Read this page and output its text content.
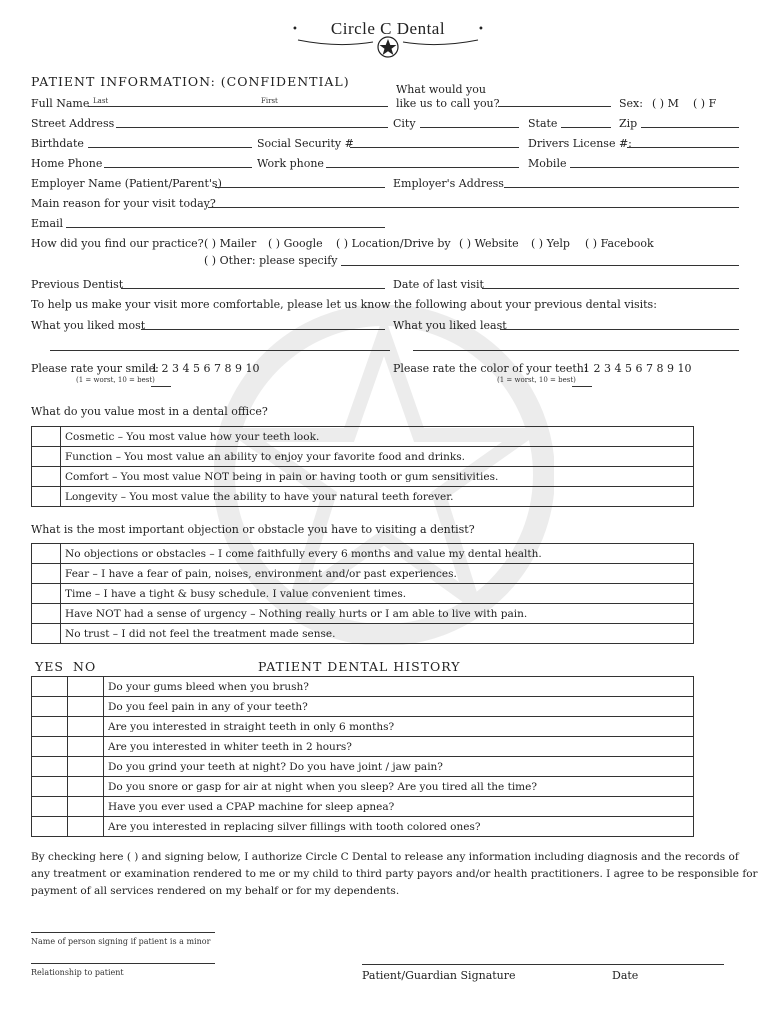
Circle C Dental
•	•
PATIENT INFORMATION: (CONFIDENTIAL)
What would you
Full Name Last	First	like us to call you?	Sex: ( ) M ( ) F
Street Address	City	State	Zip
Birthdate	Social Security #	Drivers License #:
Home Phone	Work phone	Mobile
Employer Name (Patient/Parent's)	Employer's Address
Main reason for your visit today?
Email
How did you find our practice? ( ) Mailer ( ) Google ( ) Location/Drive by ( ) Website ( ) Yelp ( ) Facebook
( ) Other: please specify
Previous Dentist	Date of last visit
To help us make your visit more comfortable, please let us know the following about your previous dental visits:
What you liked most	What you liked least
Please rate your smile:
1 2 3 4 5 6 7 8 9 10
(1 = worst, 10 = best)
Please rate the color of your teeth:
1 2 3 4 5 6 7 8 9 10
(1 = worst, 10 = best)
What do you value most in a dental office?
	Cosmetic – You most value how your teeth look.
	Function – You most value an ability to enjoy your favorite food and drinks.
	Comfort – You most value NOT being in pain or having tooth or gum sensitivities.
	Longevity – You most value the ability to have your natural teeth forever.
What is the most important objection or obstacle you have to visiting a dentist?
	No objections or obstacles – I come faithfully every 6 months and value my dental health.
	Fear – I have a fear of pain, noises, environment and/or past experiences.
	Time – I have a tight & busy schedule. I value convenient times.
	Have NOT had a sense of urgency – Nothing really hurts or I am able to live with pain.
	No trust – I did not feel the treatment made sense.
YES NO	PATIENT DENTAL HISTORY
		Do your gums bleed when you brush?
		Do you feel pain in any of your teeth?
		Are you interested in straight teeth in only 6 months?
		Are you interested in whiter teeth in 2 hours?
		Do you grind your teeth at night? Do you have joint / jaw pain?
		Do you snore or gasp for air at night when you sleep? Are you tired all the time?
		Have you ever used a CPAP machine for sleep apnea?
		Are you interested in replacing silver fillings with tooth colored ones?
By checking here ( ) and signing below, I authorize Circle C Dental to release any information including diagnosis and the records of
any treatment or examination rendered to me or my child to third party payors and/or health practitioners. I agree to be responsible for
payment of all services rendered on my behalf or for my dependents.
Name of person signing if patient is a minor
Relationship to patient	Patient/Guardian Signature	Date
